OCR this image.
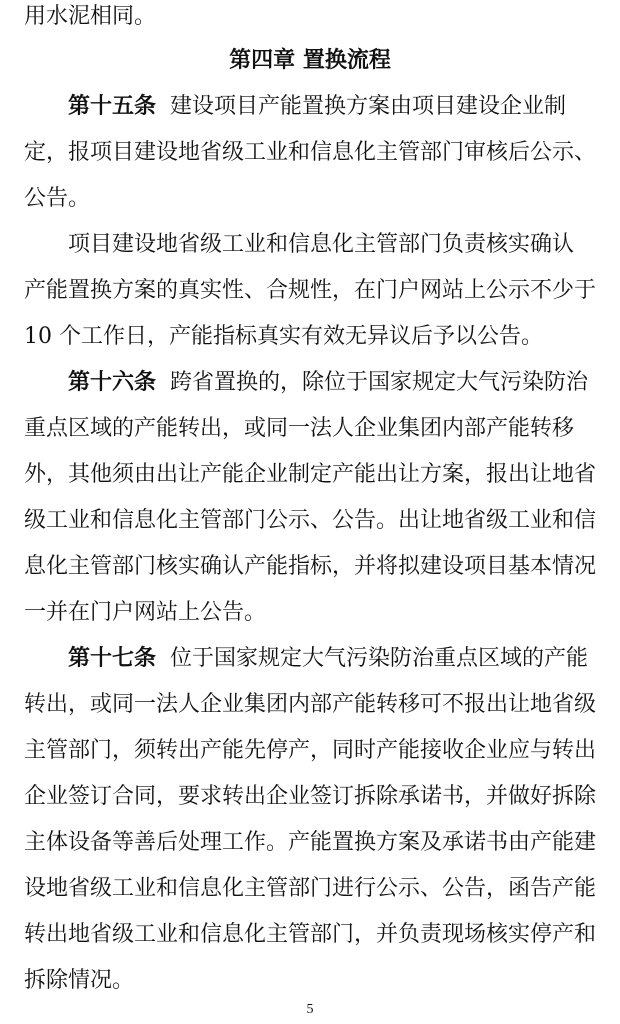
用水泥相同。
第四章 置换流程
第十五条 建设项目产能置换方案由项目建设企业制
定，报项目建设地省级工业和信息化主管部门审核后公示、
公告。
项目建设地省级工业和信息化主管部门负责核实确认
产能置换方案的真实性、合规性，在门户网站上公示不少于
10 个工作日，产能指标真实有效无异议后予以公告。
第十六条 跨省置换的，除位于国家规定大气污染防治
重点区域的产能转出，或同一法人企业集团内部产能转移
外，其他须由出让产能企业制定产能出让方案，报出让地省
级工业和信息化主管部门公示、公告。出让地省级工业和信
息化主管部门核实确认产能指标，并将拟建设项目基本情况
一并在门户网站上公告。
第十七条 位于国家规定大气污染防治重点区域的产能
转出，或同一法人企业集团内部产能转移可不报出让地省级
主管部门，须转出产能先停产，同时产能接收企业应与转出
企业签订合同，要求转出企业签订拆除承诺书，并做好拆除
主体设备等善后处理工作。产能置换方案及承诺书由产能建
设地省级工业和信息化主管部门进行公示、公告，函告产能
转出地省级工业和信息化主管部门，并负责现场核实停产和
拆除情况。
5
